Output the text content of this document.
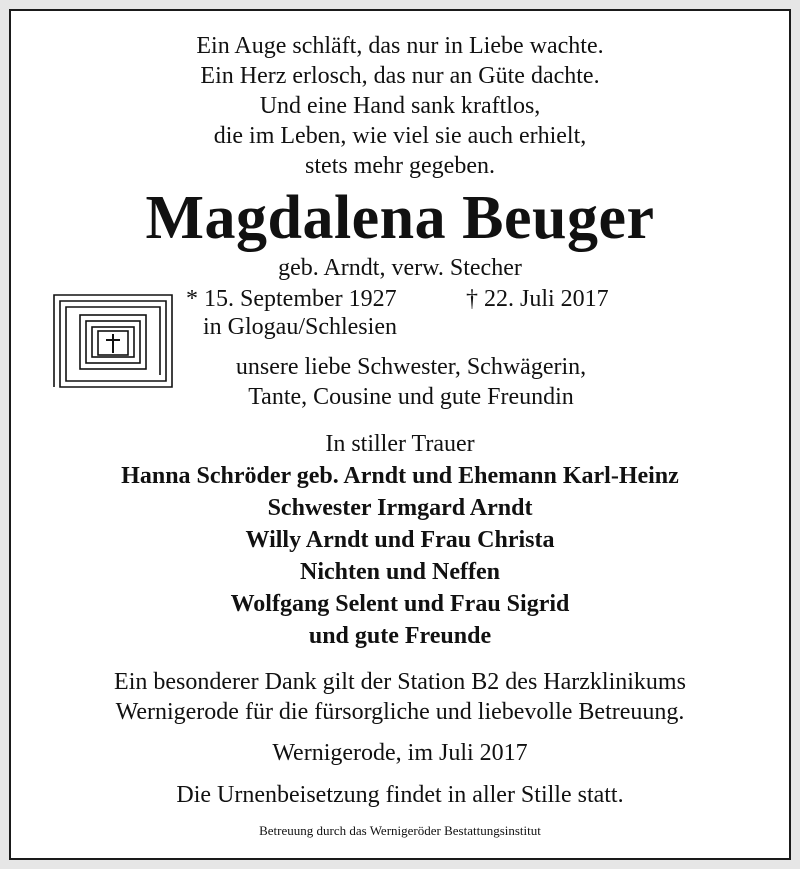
Ein Auge schläft, das nur in Liebe wachte.
Ein Herz erlosch, das nur an Güte dachte.
Und eine Hand sank kraftlos,
die im Leben, wie viel sie auch erhielt,
stets mehr gegeben.
Magdalena Beuger
geb. Arndt, verw. Stecher
* 15. September 1927	† 22. Juli 2017
in Glogau/Schlesien
unsere liebe Schwester, Schwägerin,
Tante, Cousine und gute Freundin
In stiller Trauer
Hanna Schröder geb. Arndt und Ehemann Karl-Heinz
Schwester Irmgard Arndt
Willy Arndt und Frau Christa
Nichten und Neffen
Wolfgang Selent und Frau Sigrid
und gute Freunde
Ein besonderer Dank gilt der Station B2 des Harzklinikums
Wernigerode für die fürsorgliche und liebevolle Betreuung.
Wernigerode, im Juli 2017
Die Urnenbeisetzung findet in aller Stille statt.
Betreuung durch das Wernigeröder Bestattungsinstitut
